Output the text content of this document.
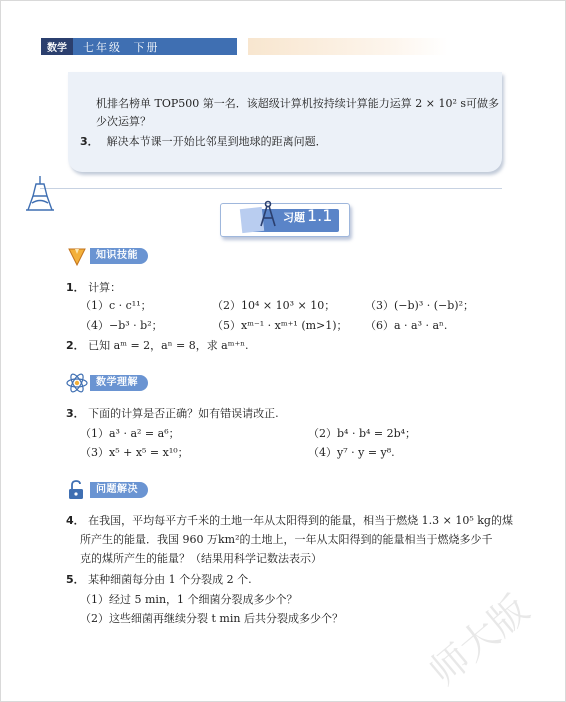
数学	七年级 下册
机排名榜单 TOP500 第一名．该超级计算机按持续计算能力运算 2 × 10² s可做多
少次运算？
3． 解决本节课一开始比邻星到地球的距离问题．
习题 1.1
知识技能
1． 计算：
（1）c · c¹¹；	（2）10⁴ × 10³ × 10；	（3）(−b)³ · (−b)²；
（4）−b³ · b²；	（5）xᵐ⁻¹ · xᵐ⁺¹ (m>1)； （6）a · a³ · aⁿ.
2． 已知 aᵐ = 2，aⁿ = 8，求 aᵐ⁺ⁿ.
数学理解
3． 下面的计算是否正确？如有错误请改正.
（1）a³ · a² = a⁶；	（2）b⁴ · b⁴ = 2b⁴；
（3）x⁵ + x⁵ = x¹⁰；	（4）y⁷ · y = y⁸.
问题解决
4． 在我国，平均每平方千米的土地一年从太阳得到的能量，相当于燃烧 1.3 × 10⁵ kg的煤
所产生的能量．我国 960 万km²的土地上，一年从太阳得到的能量相当于燃烧多少千
克的煤所产生的能量？（结果用科学记数法表示）
5． 某种细菌每分由 1 个分裂成 2 个.
（1）经过 5 min，1 个细菌分裂成多少个？
（2）这些细菌再继续分裂 t min 后共分裂成多少个？ 师大版
